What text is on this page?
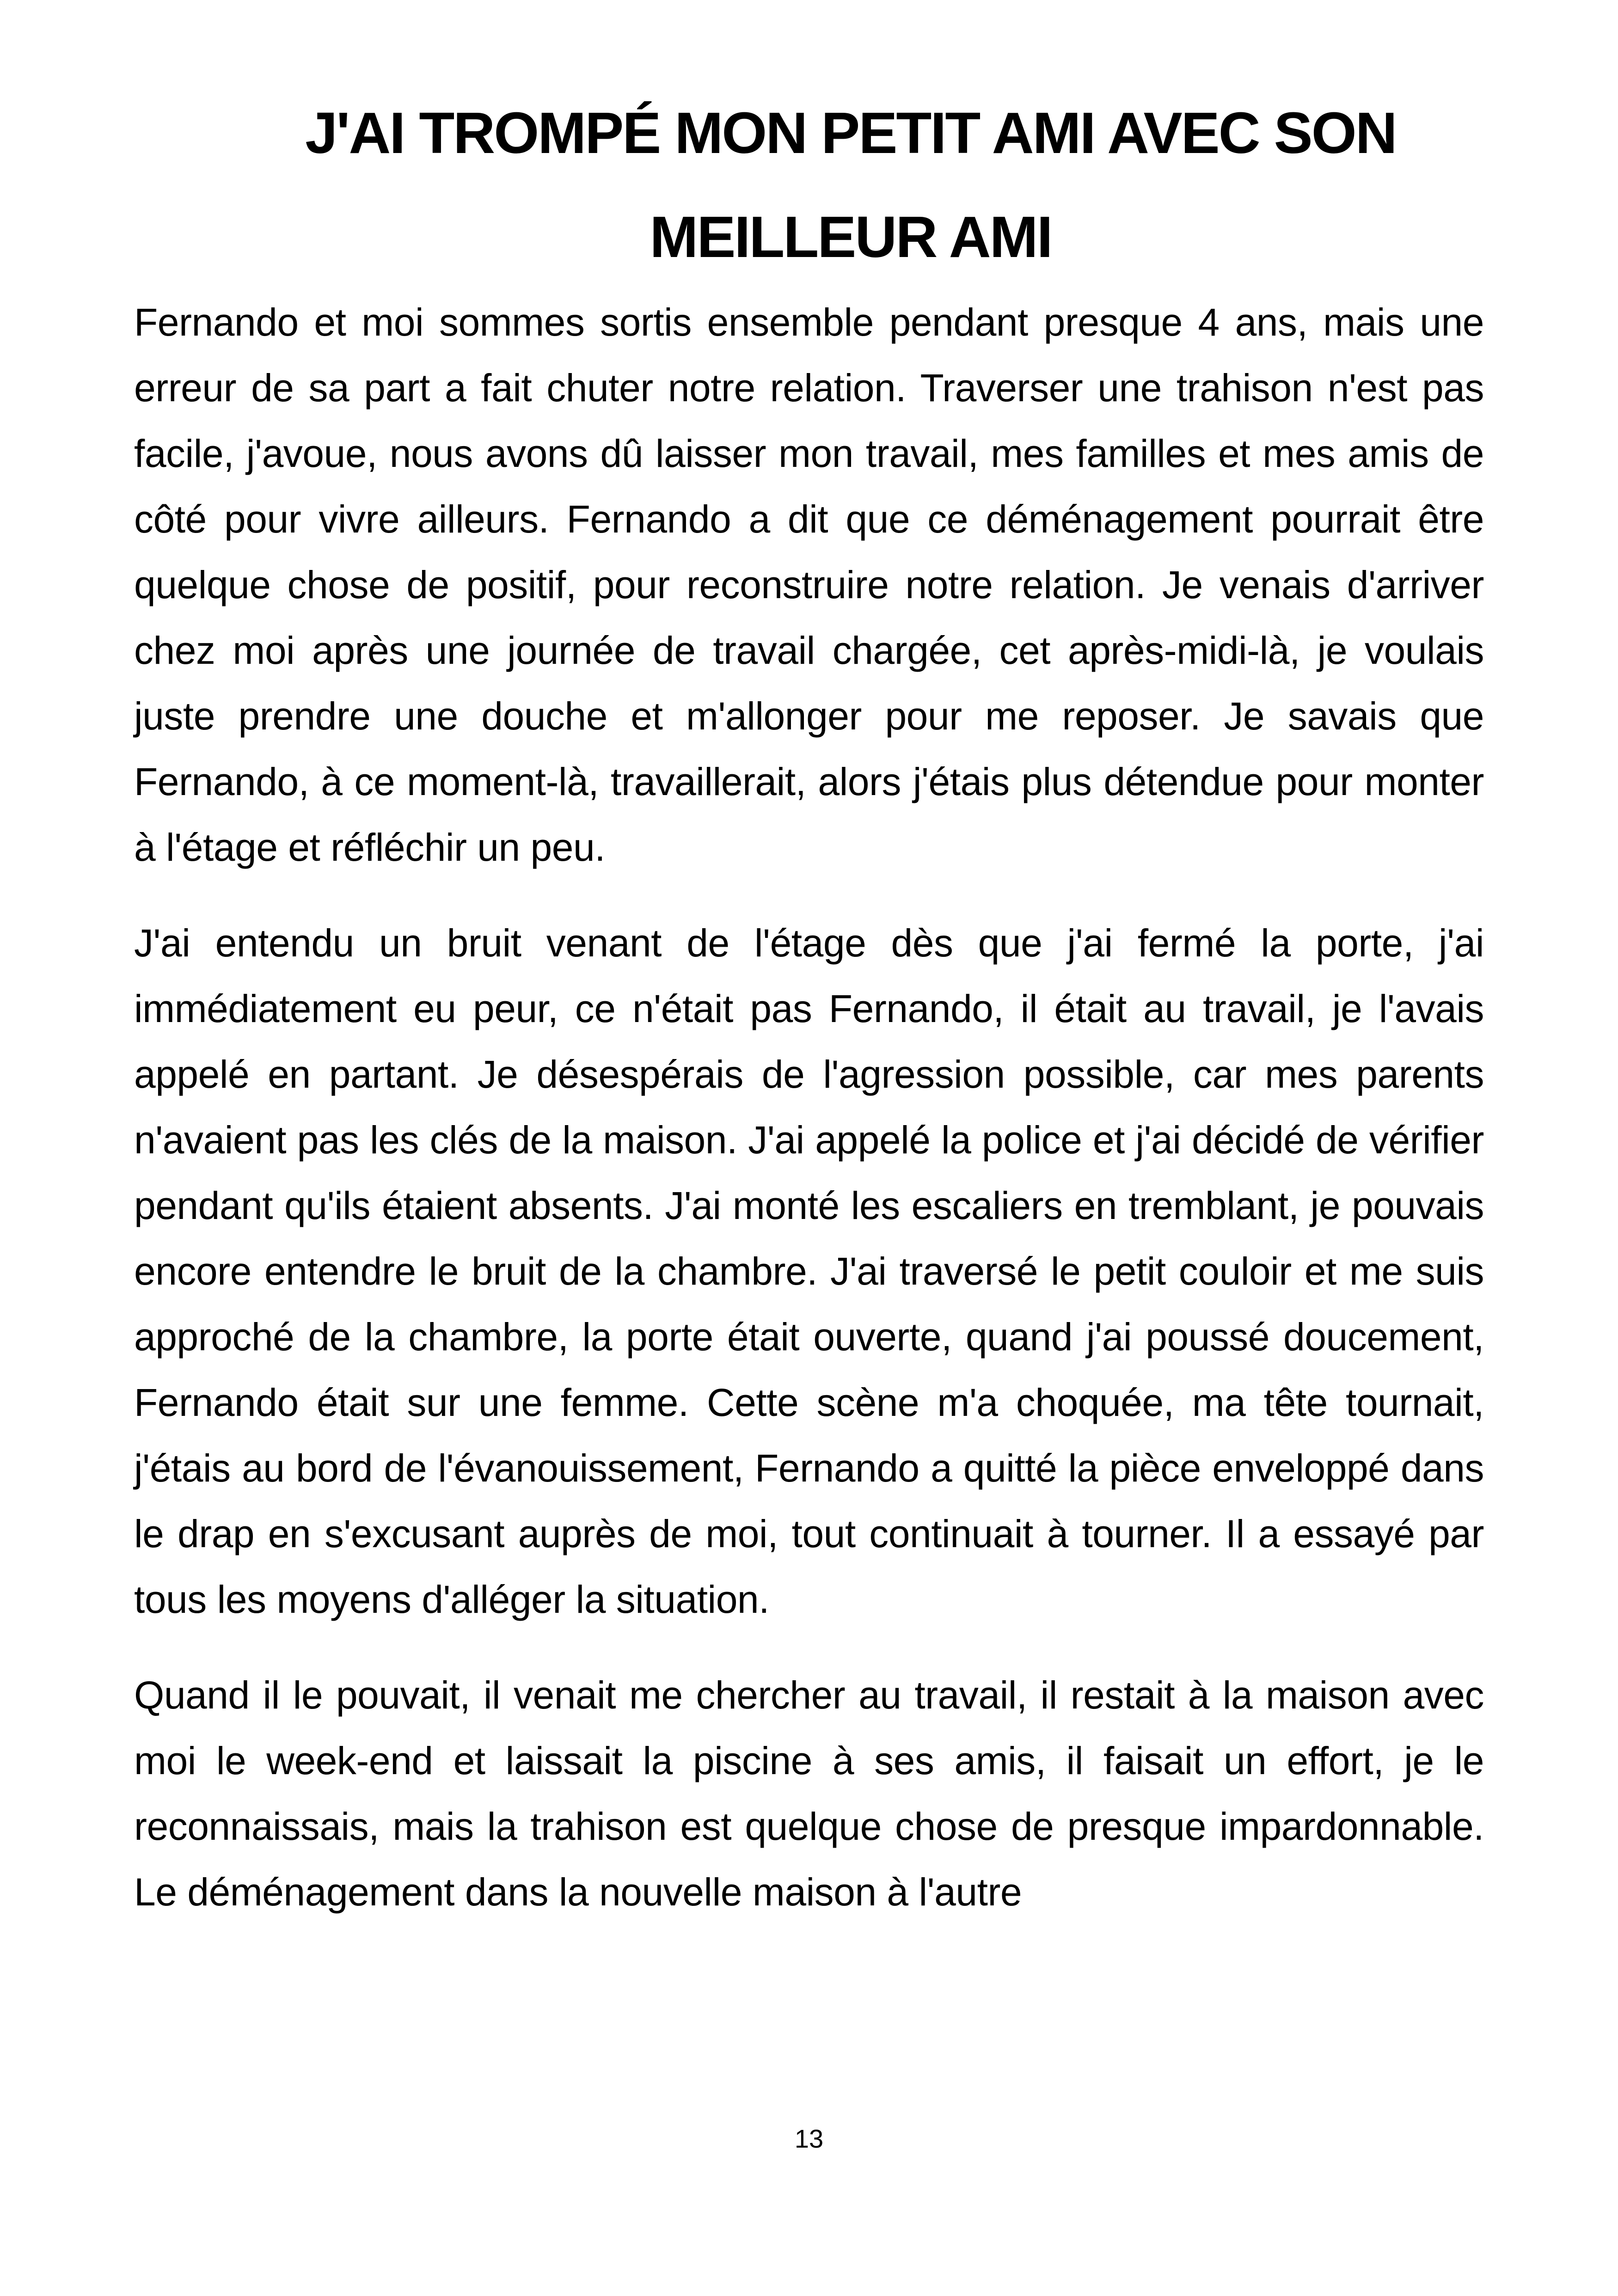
J'AI TROMPÉ MON PETIT AMI AVEC SON
MEILLEUR AMI

Fernando et moi sommes sortis ensemble pendant presque 4 ans, mais une erreur de sa part a fait chuter notre relation. Traverser une trahison n'est pas facile, j'avoue, nous avons dû laisser mon travail, mes familles et mes amis de côté pour vivre ailleurs. Fernando a dit que ce déménagement pourrait être quelque chose de positif, pour reconstruire notre relation. Je venais d'arriver chez moi après une journée de travail chargée, cet après-midi-là, je voulais juste prendre une douche et m'allonger pour me reposer. Je savais que Fernando, à ce moment-là, travaillerait, alors j'étais plus détendue pour monter à l'étage et réfléchir un peu.

J'ai entendu un bruit venant de l'étage dès que j'ai fermé la porte, j'ai immédiatement eu peur, ce n'était pas Fernando, il était au travail, je l'avais appelé en partant. Je désespérais de l'agression possible, car mes parents n'avaient pas les clés de la maison. J'ai appelé la police et j'ai décidé de vérifier pendant qu'ils étaient absents. J'ai monté les escaliers en tremblant, je pouvais encore entendre le bruit de la chambre. J'ai traversé le petit couloir et me suis approché de la chambre, la porte était ouverte, quand j'ai poussé doucement, Fernando était sur une femme. Cette scène m'a choquée, ma tête tournait, j'étais au bord de l'évanouissement, Fernando a quitté la pièce enveloppé dans le drap en s'excusant auprès de moi, tout continuait à tourner. Il a essayé par tous les moyens d'alléger la situation.

Quand il le pouvait, il venait me chercher au travail, il restait à la maison avec moi le week-end et laissait la piscine à ses amis, il faisait un effort, je le reconnaissais, mais la trahison est quelque chose de presque impardonnable. Le déménagement dans la nouvelle maison à l'autre

13
